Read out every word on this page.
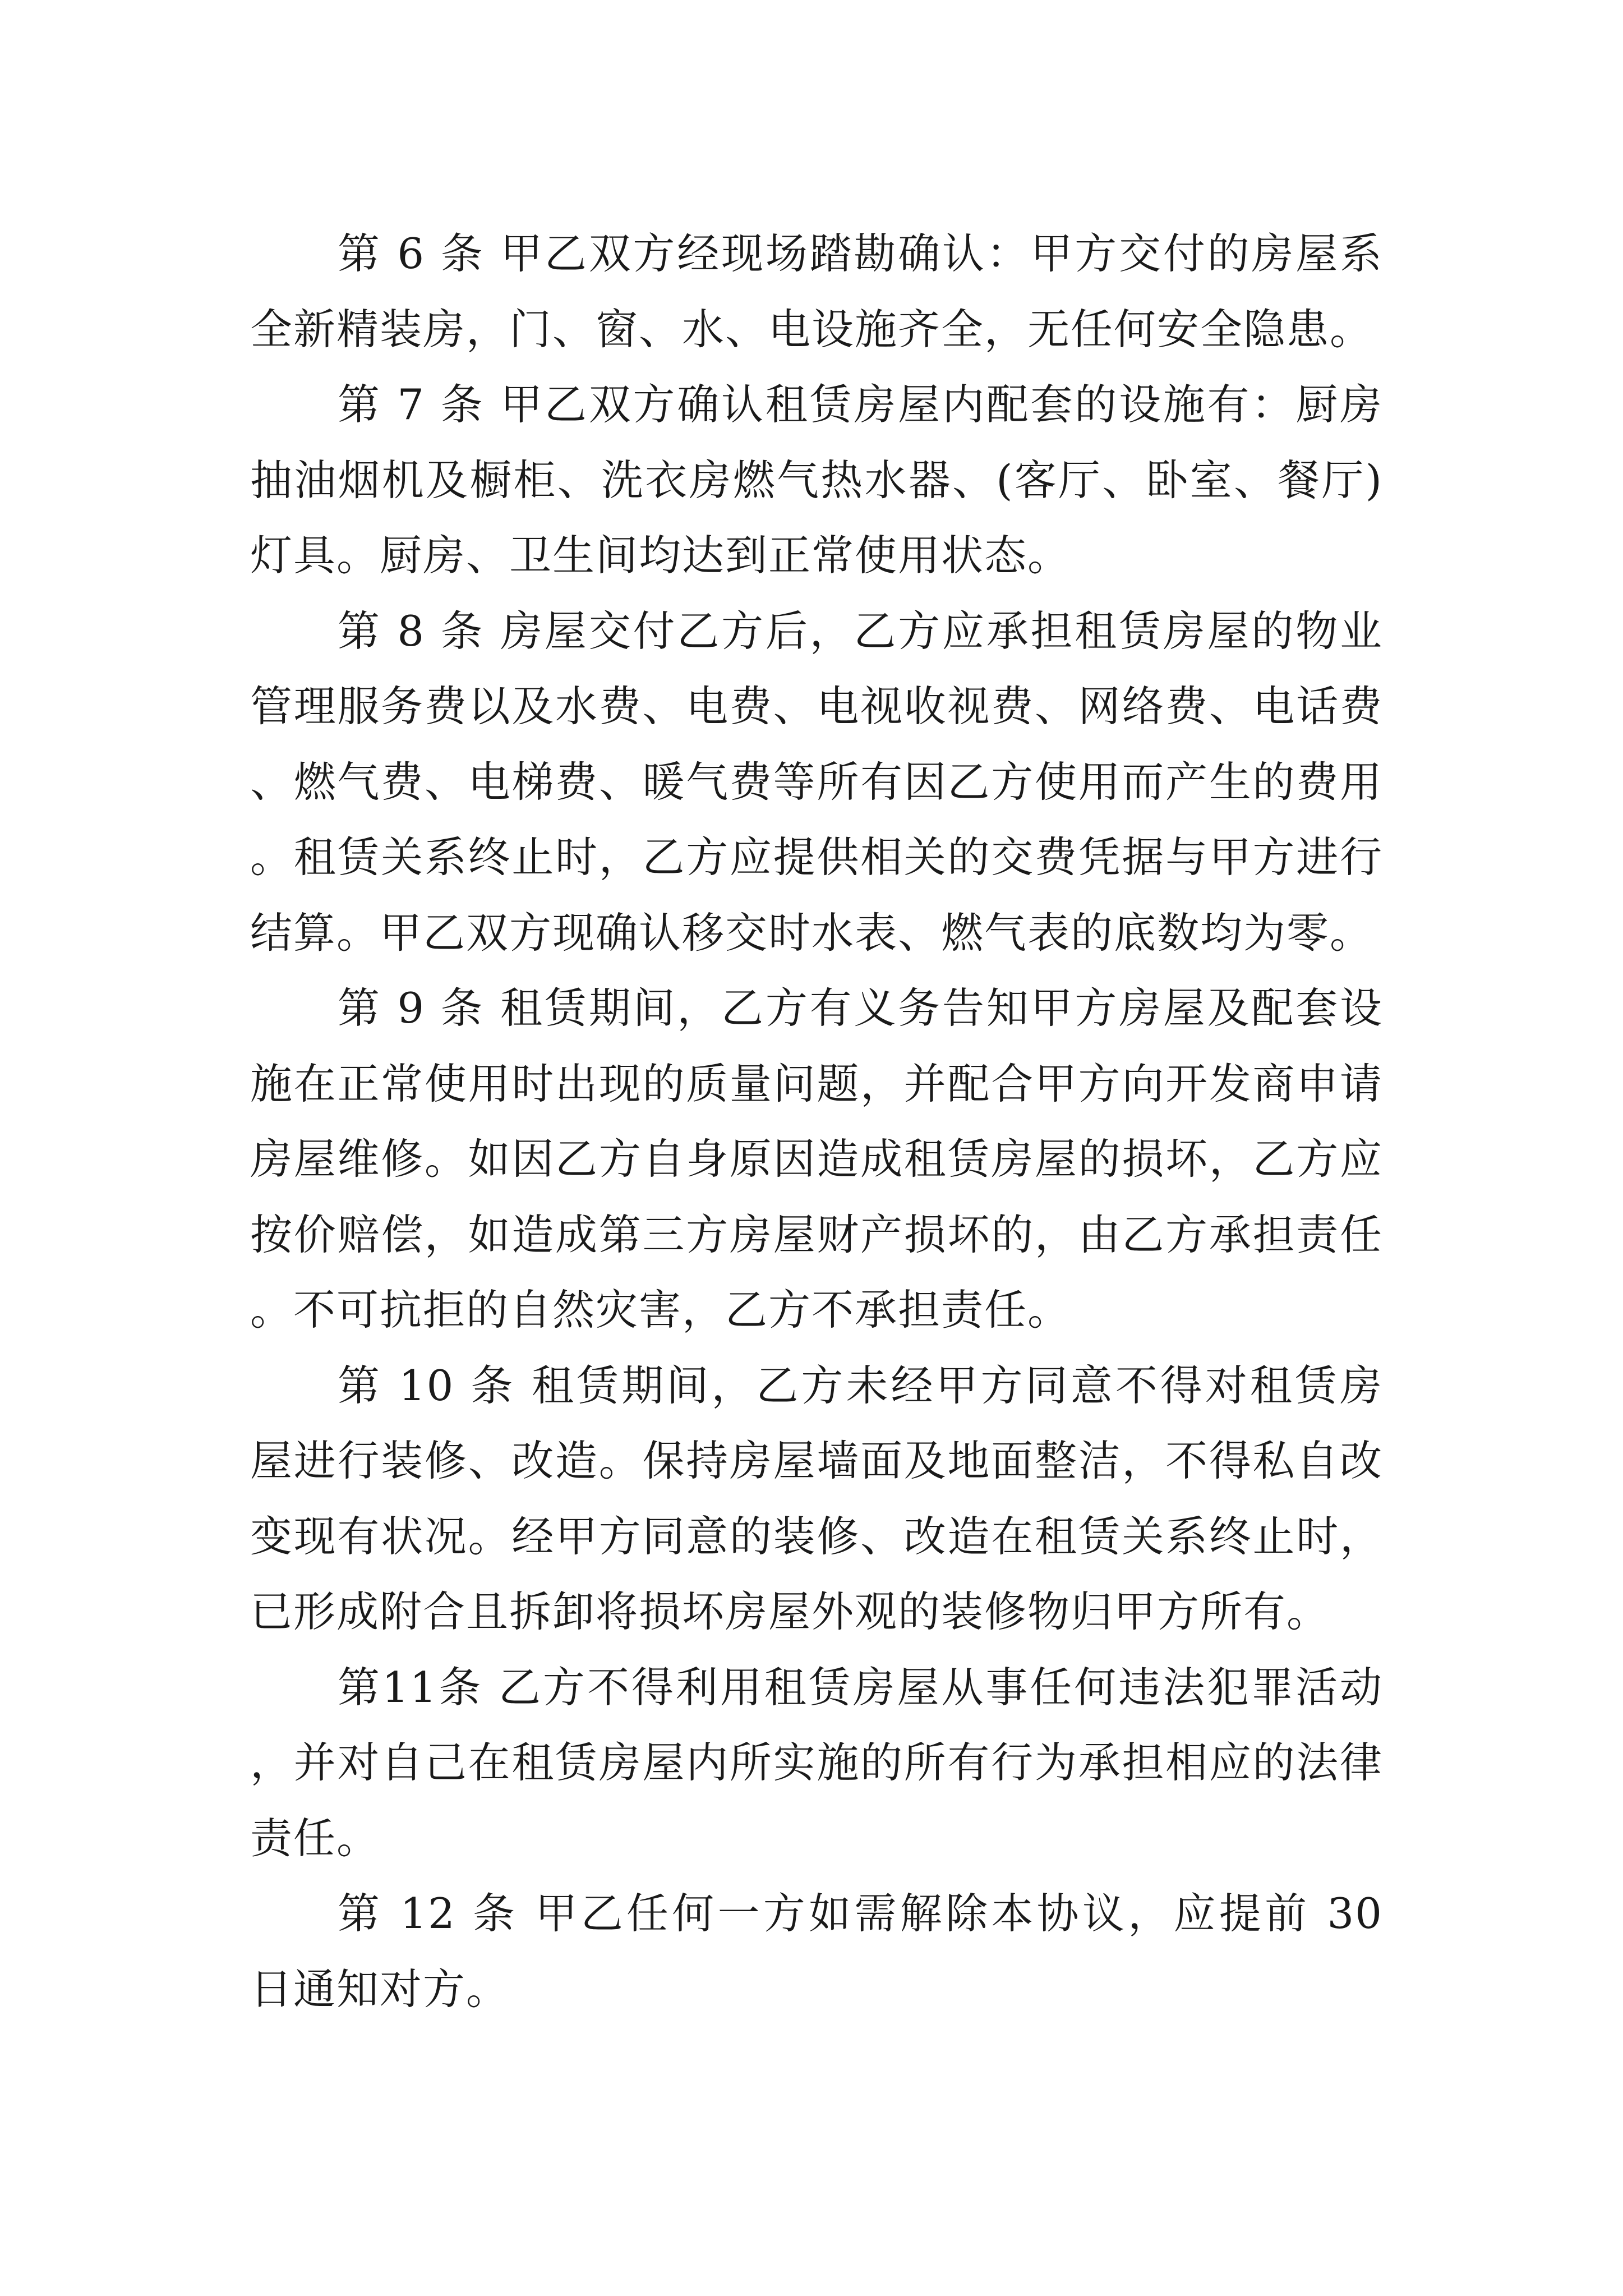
第 6 条 甲乙双方经现场踏勘确认：甲方交付的房屋系全新精装房，门、窗、水、电设施齐全，无任何安全隐患。

第 7 条 甲乙双方确认租赁房屋内配套的设施有：厨房抽油烟机及橱柜、洗衣房燃气热水器、(客厅、卧室、餐厅)灯具。厨房、卫生间均达到正常使用状态。

第 8 条 房屋交付乙方后，乙方应承担租赁房屋的物业管理服务费以及水费、电费、电视收视费、网络费、电话费、燃气费、电梯费、暖气费等所有因乙方使用而产生的费用。租赁关系终止时，乙方应提供相关的交费凭据与甲方进行结算。甲乙双方现确认移交时水表、燃气表的底数均为零。

第 9 条 租赁期间，乙方有义务告知甲方房屋及配套设施在正常使用时出现的质量问题，并配合甲方向开发商申请房屋维修。如因乙方自身原因造成租赁房屋的损坏，乙方应按价赔偿，如造成第三方房屋财产损坏的，由乙方承担责任。不可抗拒的自然灾害，乙方不承担责任。

第 10 条 租赁期间，乙方未经甲方同意不得对租赁房屋进行装修、改造。保持房屋墙面及地面整洁，不得私自改变现有状况。经甲方同意的装修、改造在租赁关系终止时，已形成附合且拆卸将损坏房屋外观的装修物归甲方所有。

第11条 乙方不得利用租赁房屋从事任何违法犯罪活动，并对自己在租赁房屋内所实施的所有行为承担相应的法律责任。

第 12 条 甲乙任何一方如需解除本协议，应提前 30 日通知对方。
